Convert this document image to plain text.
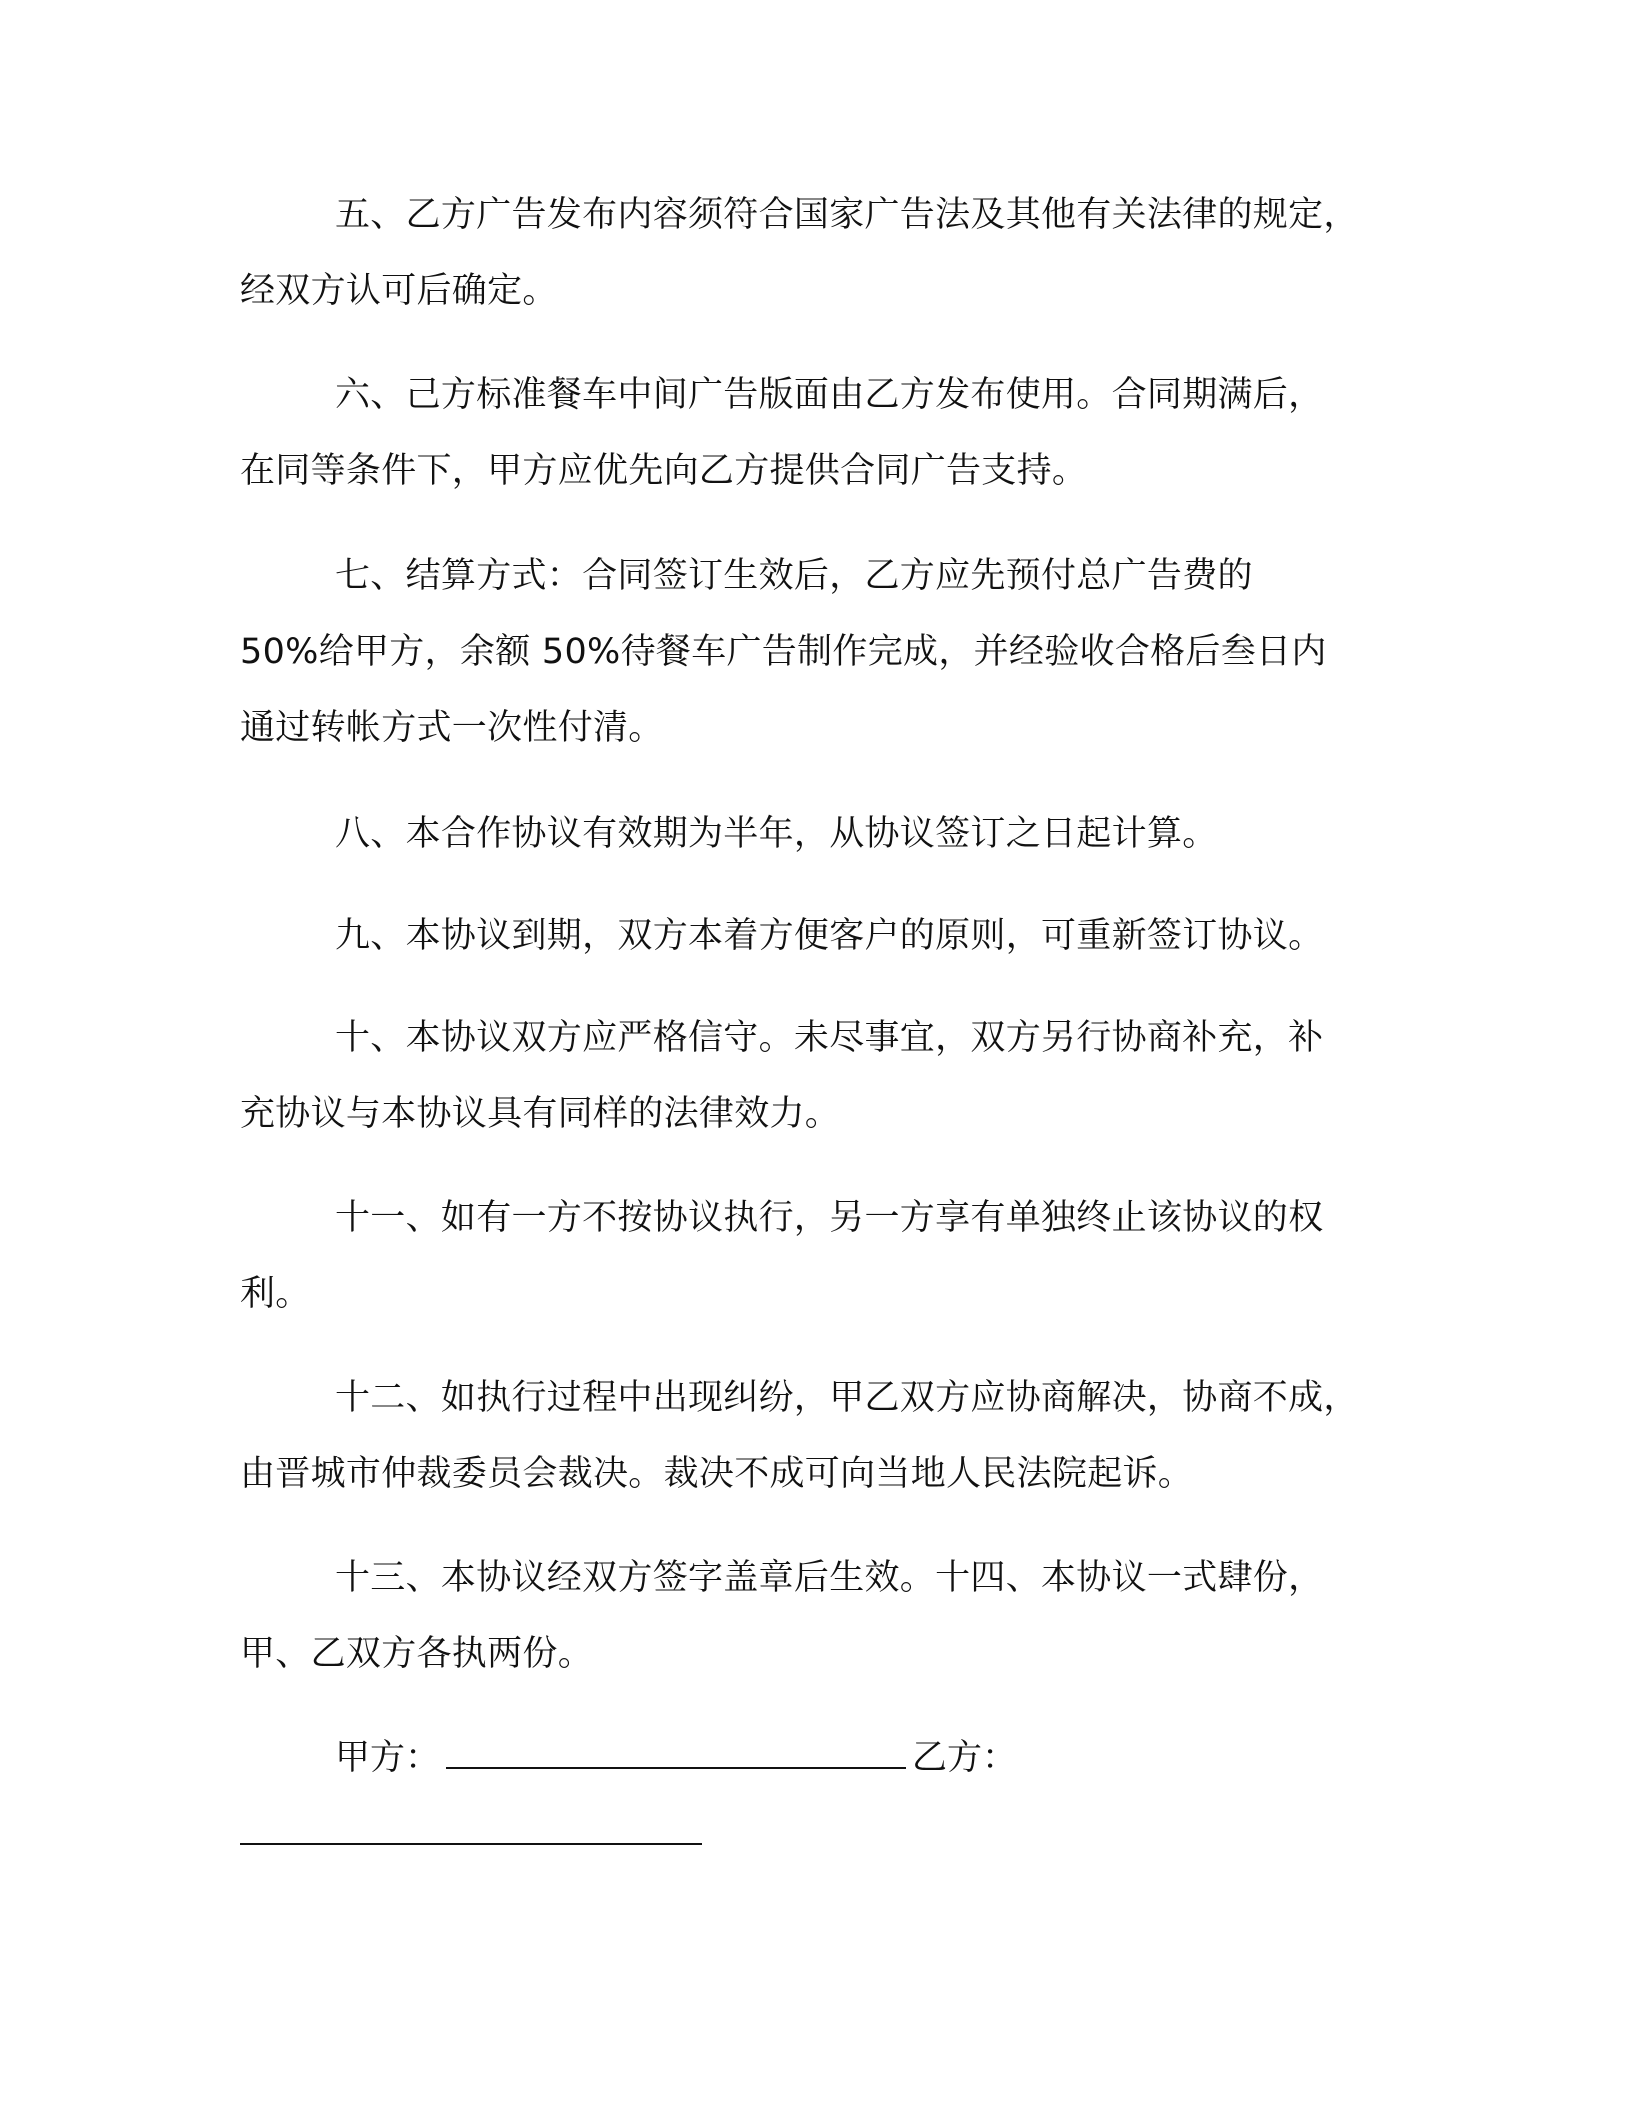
五、乙方广告发布内容须符合国家广告法及其他有关法律的规定，
经双方认可后确定。

六、己方标准餐车中间广告版面由乙方发布使用。合同期满后，
在同等条件下，甲方应优先向乙方提供合同广告支持。

七、结算方式：合同签订生效后，乙方应先预付总广告费的
50%给甲方，余额 50%待餐车广告制作完成，并经验收合格后叁日内
通过转帐方式一次性付清。

八、本合作协议有效期为半年，从协议签订之日起计算。

九、本协议到期，双方本着方便客户的原则，可重新签订协议。

十、本协议双方应严格信守。未尽事宜，双方另行协商补充，补
充协议与本协议具有同样的法律效力。

十一、如有一方不按协议执行，另一方享有单独终止该协议的权
利。

十二、如执行过程中出现纠纷，甲乙双方应协商解决，协商不成，
由晋城市仲裁委员会裁决。裁决不成可向当地人民法院起诉。

十三、本协议经双方签字盖章后生效。十四、本协议一式肆份，
甲、乙双方各执两份。

甲方：	乙方：
